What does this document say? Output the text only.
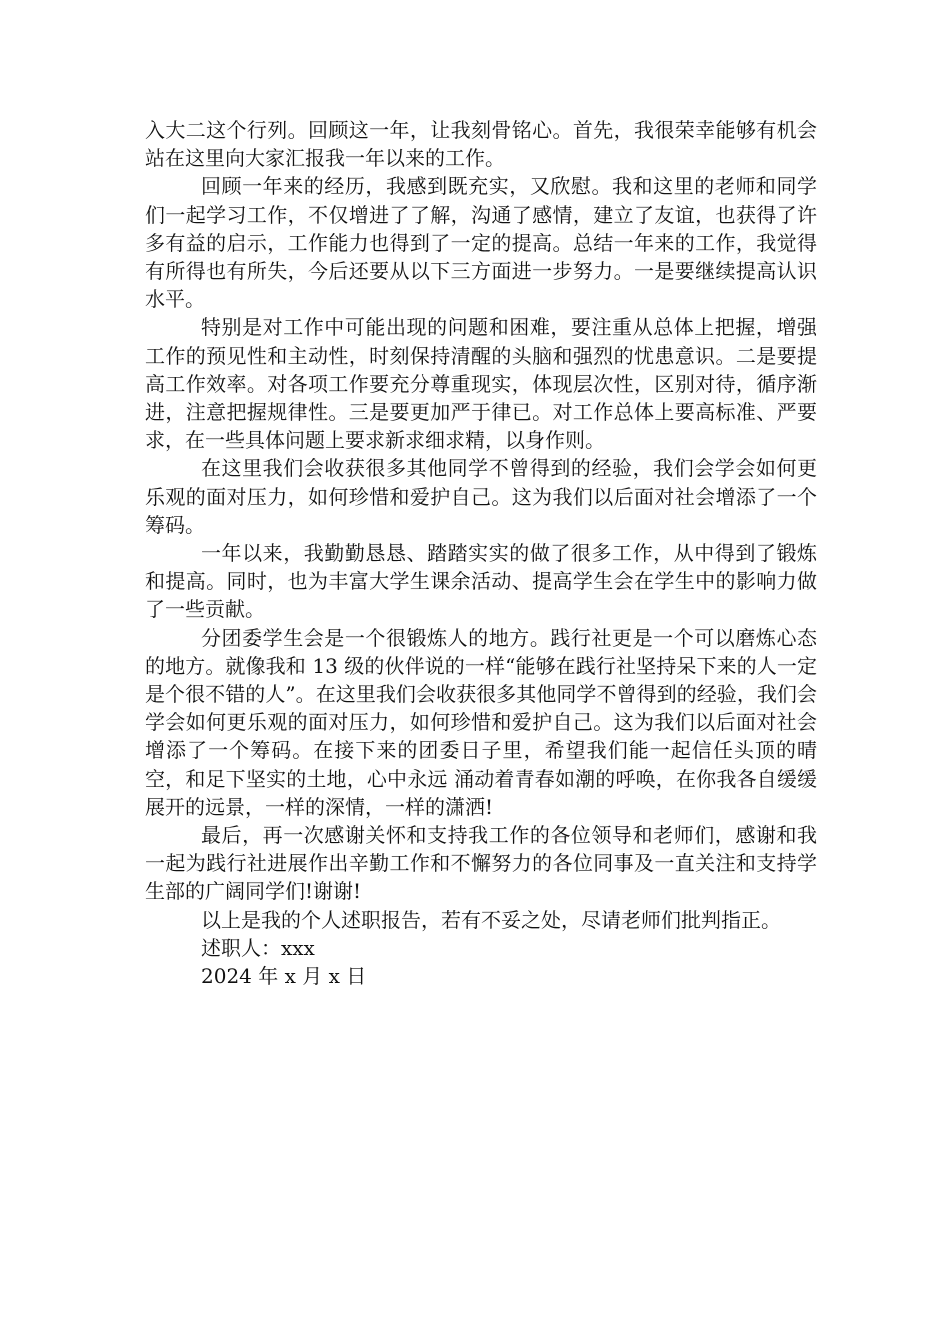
入大二这个行列。回顾这一年，让我刻骨铭心。首先，我很荣幸能够有机会站在这里向大家汇报我一年以来的工作。

回顾一年来的经历，我感到既充实，又欣慰。我和这里的老师和同学们一起学习工作，不仅增进了了解，沟通了感情，建立了友谊，也获得了许多有益的启示，工作能力也得到了一定的提高。总结一年来的工作，我觉得有所得也有所失，今后还要从以下三方面进一步努力。一是要继续提高认识水平。

特别是对工作中可能出现的问题和困难，要注重从总体上把握，增强工作的预见性和主动性，时刻保持清醒的头脑和强烈的忧患意识。二是要提高工作效率。对各项工作要充分尊重现实，体现层次性，区别对待，循序渐进，注意把握规律性。三是要更加严于律已。对工作总体上要高标准、严要求，在一些具体问题上要求新求细求精，以身作则。

在这里我们会收获很多其他同学不曾得到的经验，我们会学会如何更乐观的面对压力，如何珍惜和爱护自己。这为我们以后面对社会增添了一个筹码。

一年以来，我勤勤恳恳、踏踏实实的做了很多工作，从中得到了锻炼和提高。同时，也为丰富大学生课余活动、提高学生会在学生中的影响力做了一些贡献。

分团委学生会是一个很锻炼人的地方。践行社更是一个可以磨炼心态的地方。就像我和 13 级的伙伴说的一样“能够在践行社坚持呆下来的人一定是个很不错的人”。在这里我们会收获很多其他同学不曾得到的经验，我们会学会如何更乐观的面对压力，如何珍惜和爱护自己。这为我们以后面对社会增添了一个筹码。在接下来的团委日子里，希望我们能一起信任头顶的晴空，和足下坚实的土地，心中永远 涌动着青春如潮的呼唤，在你我各自缓缓展开的远景，一样的深情，一样的潇洒!

最后，再一次感谢关怀和支持我工作的各位领导和老师们，感谢和我一起为践行社进展作出辛勤工作和不懈努力的各位同事及一直关注和支持学生部的广阔同学们!谢谢!

以上是我的个人述职报告，若有不妥之处，尽请老师们批判指正。

述职人：xxx

2024 年 x 月 x 日
